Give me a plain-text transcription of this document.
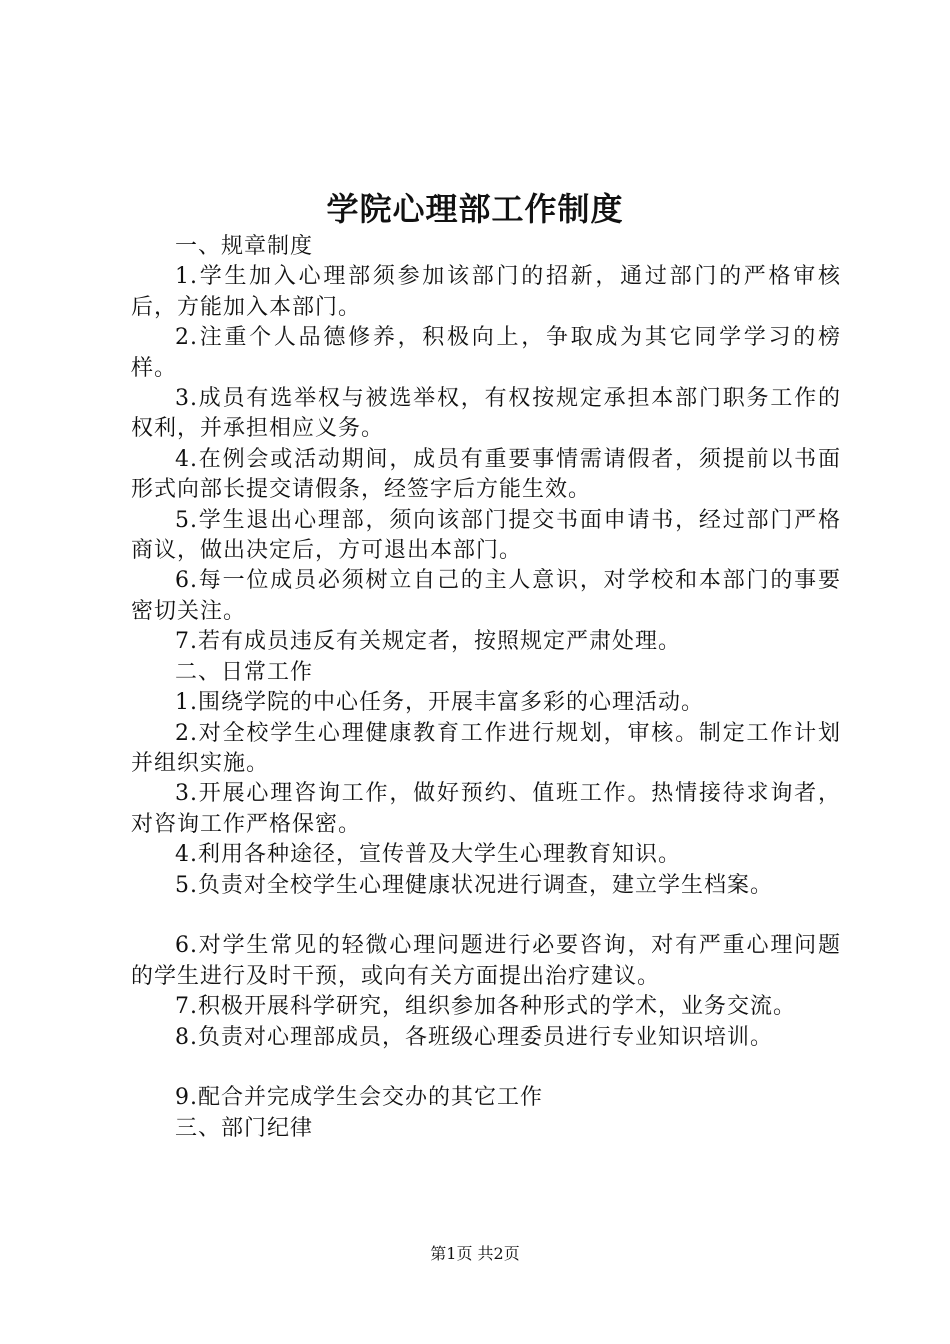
学院心理部工作制度

一、规章制度

1.学生加入心理部须参加该部门的招新，通过部门的严格审核后，方能加入本部门。

2.注重个人品德修养，积极向上，争取成为其它同学学习的榜样。

3.成员有选举权与被选举权，有权按规定承担本部门职务工作的权利，并承担相应义务。

4.在例会或活动期间，成员有重要事情需请假者，须提前以书面形式向部长提交请假条，经签字后方能生效。

5.学生退出心理部，须向该部门提交书面申请书，经过部门严格商议，做出决定后，方可退出本部门。

6.每一位成员必须树立自己的主人意识，对学校和本部门的事要密切关注。

7.若有成员违反有关规定者，按照规定严肃处理。

二、日常工作

1.围绕学院的中心任务，开展丰富多彩的心理活动。

2.对全校学生心理健康教育工作进行规划，审核。制定工作计划并组织实施。

3.开展心理咨询工作，做好预约、值班工作。热情接待求询者，对咨询工作严格保密。

4.利用各种途径，宣传普及大学生心理教育知识。

5.负责对全校学生心理健康状况进行调查，建立学生档案。

6.对学生常见的轻微心理问题进行必要咨询，对有严重心理问题的学生进行及时干预，或向有关方面提出治疗建议。

7.积极开展科学研究，组织参加各种形式的学术，业务交流。

8.负责对心理部成员，各班级心理委员进行专业知识培训。

9.配合并完成学生会交办的其它工作

三、部门纪律

第1页 共2页
